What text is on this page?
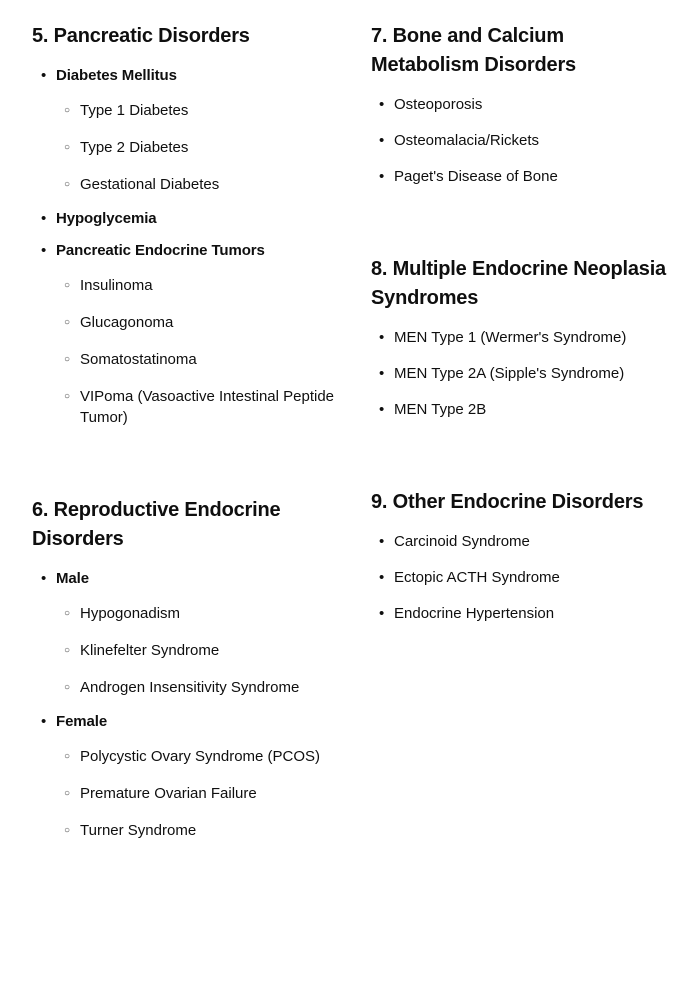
5. Pancreatic Disorders
• Diabetes Mellitus
○ Type 1 Diabetes
○ Type 2 Diabetes
○ Gestational Diabetes
• Hypoglycemia
• Pancreatic Endocrine Tumors
○ Insulinoma
○ Glucagonoma
○ Somatostatinoma
○ VIPoma (Vasoactive Intestinal Peptide Tumor)
6. Reproductive Endocrine Disorders
• Male
○ Hypogonadism
○ Klinefelter Syndrome
○ Androgen Insensitivity Syndrome
• Female
○ Polycystic Ovary Syndrome (PCOS)
○ Premature Ovarian Failure
○ Turner Syndrome
7. Bone and Calcium Metabolism Disorders
• Osteoporosis
• Osteomalacia/Rickets
• Paget's Disease of Bone
8. Multiple Endocrine Neoplasia Syndromes
• MEN Type 1 (Wermer's Syndrome)
• MEN Type 2A (Sipple's Syndrome)
• MEN Type 2B
9. Other Endocrine Disorders
• Carcinoid Syndrome
• Ectopic ACTH Syndrome
• Endocrine Hypertension
